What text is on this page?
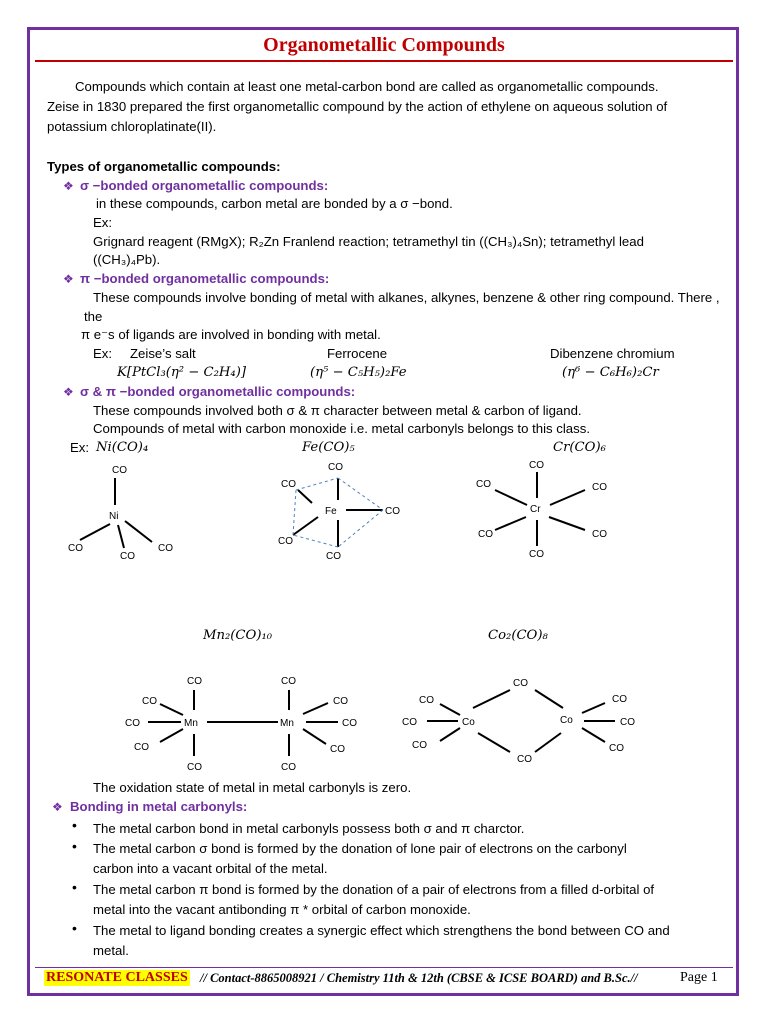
Organometallic Compounds
Compounds which contain at least one metal-carbon bond are called as organometallic compounds.
Zeise in 1830 prepared the first organometallic compound by the action of ethylene on aqueous solution of
potassium chloroplatinate(II).
Types of organometallic compounds:
❖ σ −bonded organometallic compounds:
in these compounds, carbon metal are bonded by a σ −bond.
Ex:
Grignard reagent (RMgX); R₂Zn Franlend reaction; tetramethyl tin ((CH₃)₄Sn); tetramethyl lead
((CH₃)₄Pb).
❖ π −bonded organometallic compounds:
These compounds involve bonding of metal with alkanes, alkynes, benzene & other ring compound. There ,
the
π e⁻s of ligands are involved in bonding with metal.
Ex: Zeise’s salt	Ferrocene	Dibenzene chromium
K[PtCl₃(η² − C₂H₄)]	(η⁵ − C₅H₅)₂Fe	(η⁶ − C₆H₆)₂Cr
❖ σ & π −bonded organometallic compounds:
These compounds involved both σ & π character between metal & carbon of ligand.
Compounds of metal with carbon monoxide i.e. metal carbonyls belongs to this class.
Ex: Ni(CO)₄	Fe(CO)₅	Cr(CO)₆
Mn₂(CO)₁₀	Co₂(CO)₈
CO
Ni
CO
CO
CO
CO
CO
Fe	CO
CO
CO
CO
CO	CO
Cr
CO	CO
CO
CO	CO
CO	CO
CO	Mn	Mn	CO
CO	CO
CO	CO
CO
CO	CO
CO	Co	Co	CO
CO	CO
CO
The oxidation state of metal in metal carbonyls is zero.
❖ Bonding in metal carbonyls:
• The metal carbon bond in metal carbonyls possess both σ and π charctor.
• The metal carbon σ bond is formed by the donation of lone pair of electrons on the carbonyl
carbon into a vacant orbital of the metal.
• The metal carbon π bond is formed by the donation of a pair of electrons from a filled d-orbital of
metal into the vacant antibonding π * orbital of carbon monoxide.
• The metal to ligand bonding creates a synergic effect which strengthens the bond between CO and
metal.
RESONATE CLASSES // Contact-8865008921 / Chemistry 11th & 12th (CBSE & ICSE BOARD) and B.Sc.//	Page 1
